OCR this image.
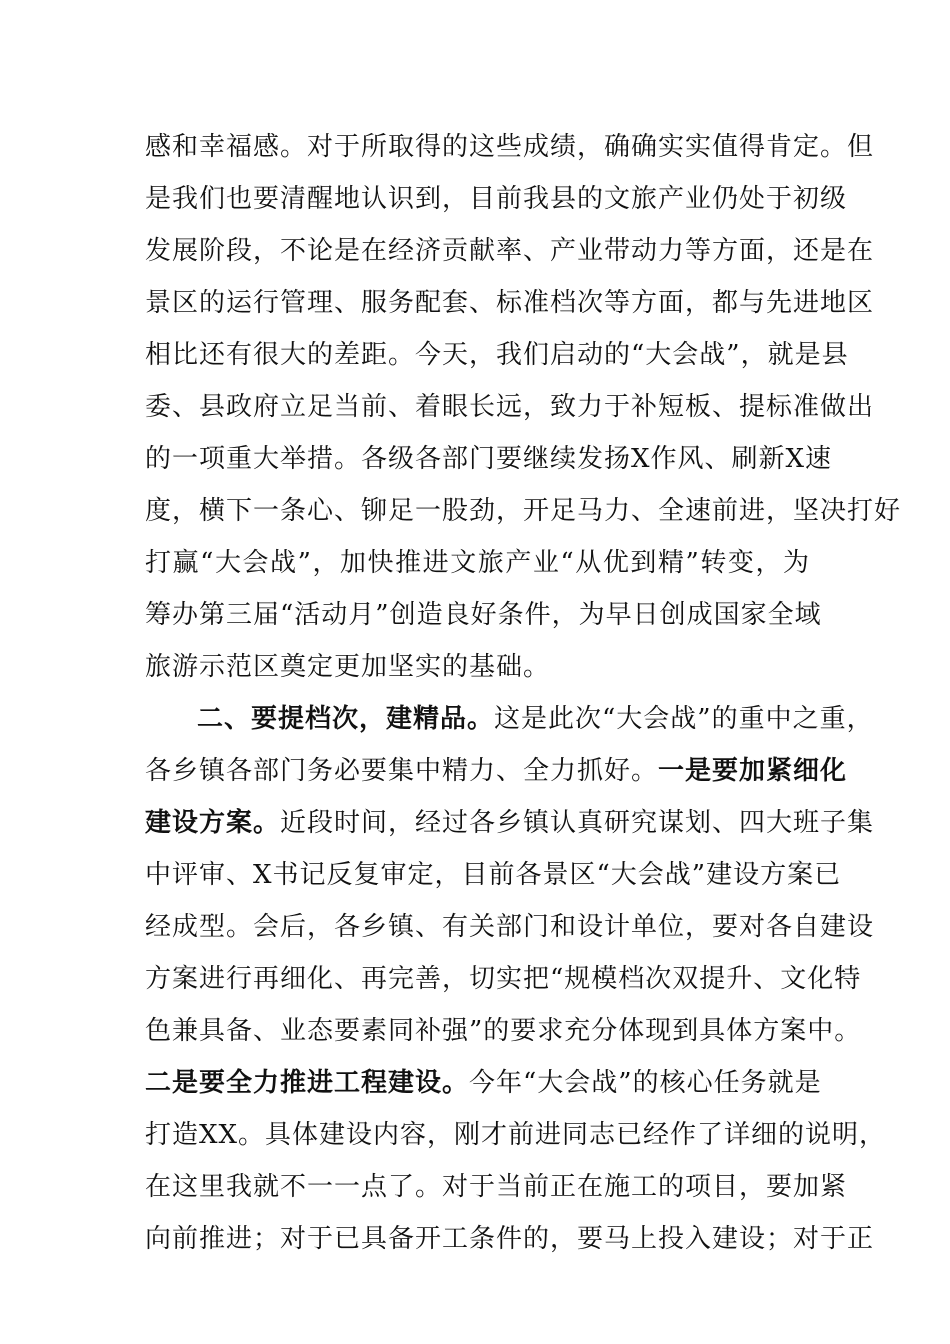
感和幸福感。对于所取得的这些成绩，确确实实值得肯定。但
是我们也要清醒地认识到，目前我县的文旅产业仍处于初级
发展阶段，不论是在经济贡献率、产业带动力等方面，还是在
景区的运行管理、服务配套、标准档次等方面，都与先进地区
相比还有很大的差距。今天，我们启动的“大会战”，就是县
委、县政府立足当前、着眼长远，致力于补短板、提标准做出
的一项重大举措。各级各部门要继续发扬X作风、刷新X速
度，横下一条心、铆足一股劲，开足马力、全速前进，坚决打好
打赢“大会战”，加快推进文旅产业“从优到精”转变，为
筹办第三届“活动月”创造良好条件，为早日创成国家全域
旅游示范区奠定更加坚实的基础。
二、要提档次，建精品。这是此次“大会战”的重中之重，
各乡镇各部门务必要集中精力、全力抓好。一是要加紧细化
建设方案。近段时间，经过各乡镇认真研究谋划、四大班子集
中评审、X书记反复审定，目前各景区“大会战”建设方案已
经成型。会后，各乡镇、有关部门和设计单位，要对各自建设
方案进行再细化、再完善，切实把“规模档次双提升、文化特
色兼具备、业态要素同补强”的要求充分体现到具体方案中。
二是要全力推进工程建设。今年“大会战”的核心任务就是
打造XX。具体建设内容，刚才前进同志已经作了详细的说明，
在这里我就不一一点了。对于当前正在施工的项目，要加紧
向前推进；对于已具备开工条件的，要马上投入建设；对于正
